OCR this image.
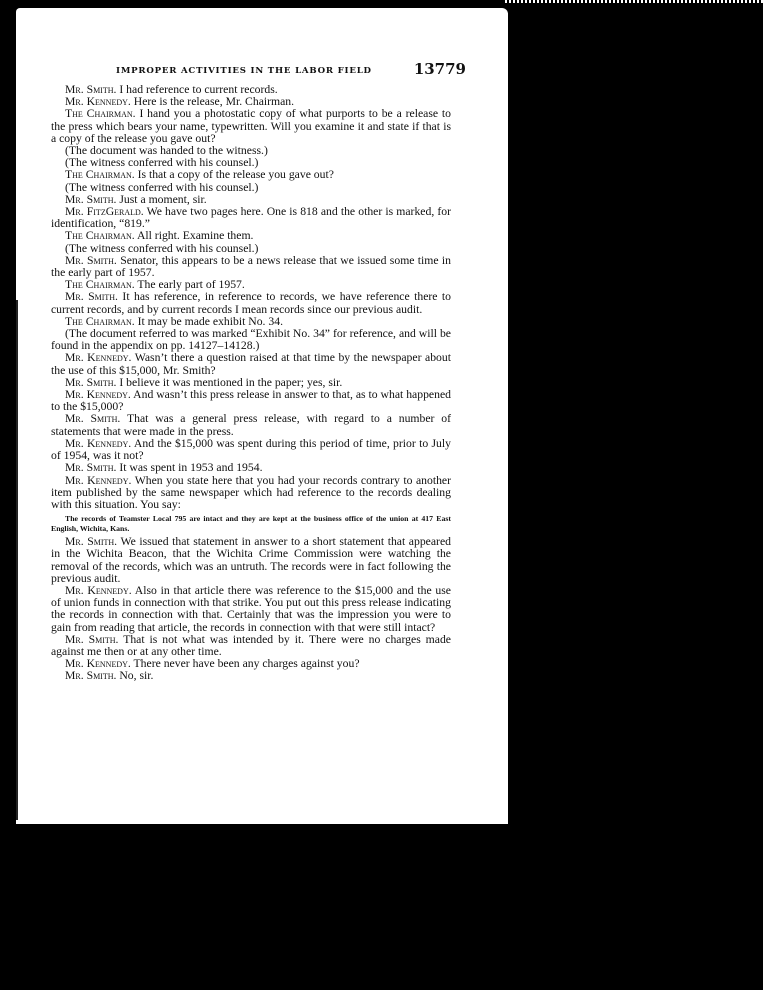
IMPROPER ACTIVITIES IN THE LABOR FIELD	13779
Mr. Smith. I had reference to current records.
Mr. Kennedy. Here is the release, Mr. Chairman.
The Chairman. I hand you a photostatic copy of what purports to be a release to the press which bears your name, typewritten. Will you examine it and state if that is a copy of the release you gave out?
(The document was handed to the witness.)
(The witness conferred with his counsel.)
The Chairman. Is that a copy of the release you gave out?
(The witness conferred with his counsel.)
Mr. Smith. Just a moment, sir.
Mr. FitzGerald. We have two pages here. One is 818 and the other is marked, for identification, “819.”
The Chairman. All right. Examine them.
(The witness conferred with his counsel.)
Mr. Smith. Senator, this appears to be a news release that we issued some time in the early part of 1957.
The Chairman. The early part of 1957.
Mr. Smith. It has reference, in reference to records, we have reference there to current records, and by current records I mean records since our previous audit.
The Chairman. It may be made exhibit No. 34.
(The document referred to was marked “Exhibit No. 34” for reference, and will be found in the appendix on pp. 14127–14128.)
Mr. Kennedy. Wasn’t there a question raised at that time by the newspaper about the use of this $15,000, Mr. Smith?
Mr. Smith. I believe it was mentioned in the paper; yes, sir.
Mr. Kennedy. And wasn’t this press release in answer to that, as to what happened to the $15,000?
Mr. Smith. That was a general press release, with regard to a number of statements that were made in the press.
Mr. Kennedy. And the $15,000 was spent during this period of time, prior to July of 1954, was it not?
Mr. Smith. It was spent in 1953 and 1954.
Mr. Kennedy. When you state here that you had your records contrary to another item published by the same newspaper which had reference to the records dealing with this situation. You say:
The records of Teamster Local 795 are intact and they are kept at the business office of the union at 417 East English, Wichita, Kans.
Mr. Smith. We issued that statement in answer to a short statement that appeared in the Wichita Beacon, that the Wichita Crime Commission were watching the removal of the records, which was an untruth. The records were in fact following the previous audit.
Mr. Kennedy. Also in that article there was reference to the $15,000 and the use of union funds in connection with that strike. You put out this press release indicating the records in connection with that. Certainly that was the impression you were to gain from reading that article, the records in connection with that were still intact?
Mr. Smith. That is not what was intended by it. There were no charges made against me then or at any other time.
Mr. Kennedy. There never have been any charges against you?
Mr. Smith. No, sir.
